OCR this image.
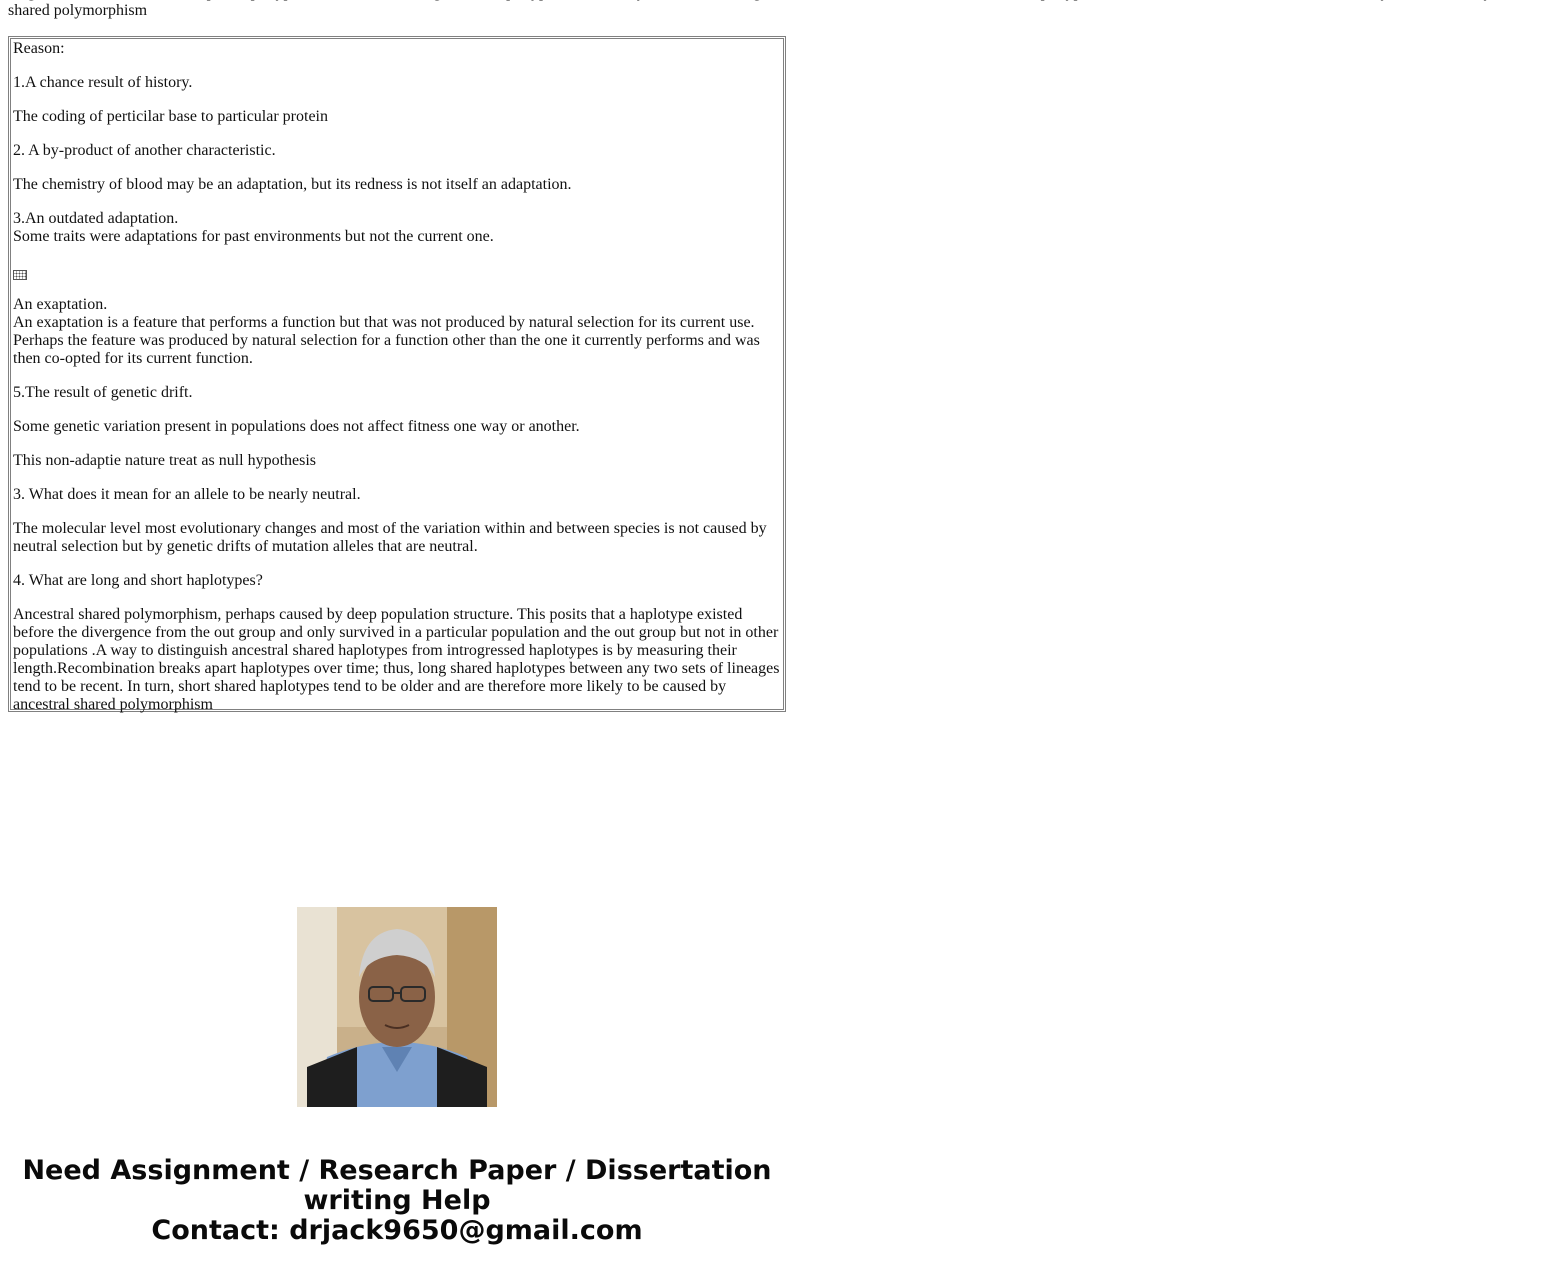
shared polymorphism

Reason:

1.A chance result of history.

The coding of perticilar base to particular protein

2. A by-product of another characteristic.

The chemistry of blood may be an adaptation, but its redness is not itself an adaptation.

3.An outdated adaptation.

Some traits were adaptations for past environments but not the current one.

An exaptation.

An exaptation is a feature that performs a function but that was not produced by natural selection for its current use. Perhaps the feature was produced by natural selection for a function other than the one it currently performs and was then co-opted for its current function.

5.The result of genetic drift.

Some genetic variation present in populations does not affect fitness one way or another.

This non-adaptie nature treat as null hypothesis

3. What does it mean for an allele to be nearly neutral.

The molecular level most evolutionary changes and most of the variation within and between species is not caused by neutral selection but by genetic drifts of mutation alleles that are neutral.

4. What are long and short haplotypes?

Ancestral shared polymorphism, perhaps caused by deep population structure. This posits that a haplotype existed before the divergence from the out group and only survived in a particular population and the out group but not in other populations .A way to distinguish ancestral shared haplotypes from introgressed haplotypes is by measuring their length.Recombination breaks apart haplotypes over time; thus, long shared haplotypes between any two sets of lineages tend to be recent. In turn, short shared haplotypes tend to be older and are therefore more likely to be caused by ancestral shared polymorphism

Need Assignment / Research Paper / Dissertation
writing Help
Contact: drjack9650@gmail.com
